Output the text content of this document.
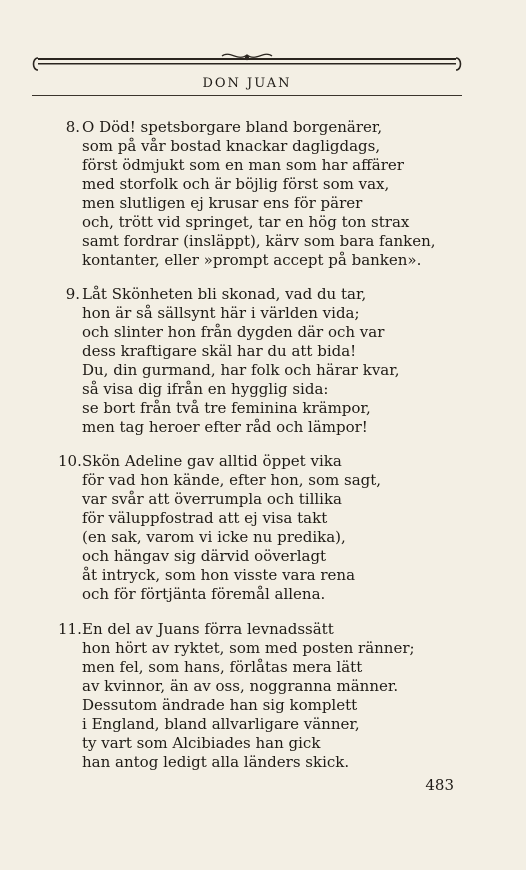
DON JUAN
8. O Död! spetsborgare bland borgenärer,
som på vår bostad knackar dagligdags,
först ödmjukt som en man som har affärer
med storfolk och är böjlig först som vax,
men slutligen ej krusar ens för pärer
och, trött vid springet, tar en hög ton strax
samt fordrar (insläppt), kärv som bara fanken,
kontanter, eller »prompt accept på banken».
9. Låt Skönheten bli skonad, vad du tar,
hon är så sällsynt här i världen vida;
och slinter hon från dygden där och var
dess kraftigare skäl har du att bida!
Du, din gurmand, har folk och härar kvar,
så visa dig ifrån en hygglig sida:
se bort från två tre feminina krämpor,
men tag heroer efter råd och lämpor!
10. Skön Adeline gav alltid öppet vika
för vad hon kände, efter hon, som sagt,
var svår att överrumpla och tillika
för väluppfostrad att ej visa takt
(en sak, varom vi icke nu predika),
och hängav sig därvid oöverlagt
åt intryck, som hon visste vara rena
och för förtjänta föremål allena.
11. En del av Juans förra levnadssätt
hon hört av ryktet, som med posten ränner;
men fel, som hans, förlåtas mera lätt
av kvinnor, än av oss, noggranna männer.
Dessutom ändrade han sig komplett
i England, bland allvarligare vänner,
ty vart som Alcibiades han gick
han antog ledigt alla länders skick.
483
